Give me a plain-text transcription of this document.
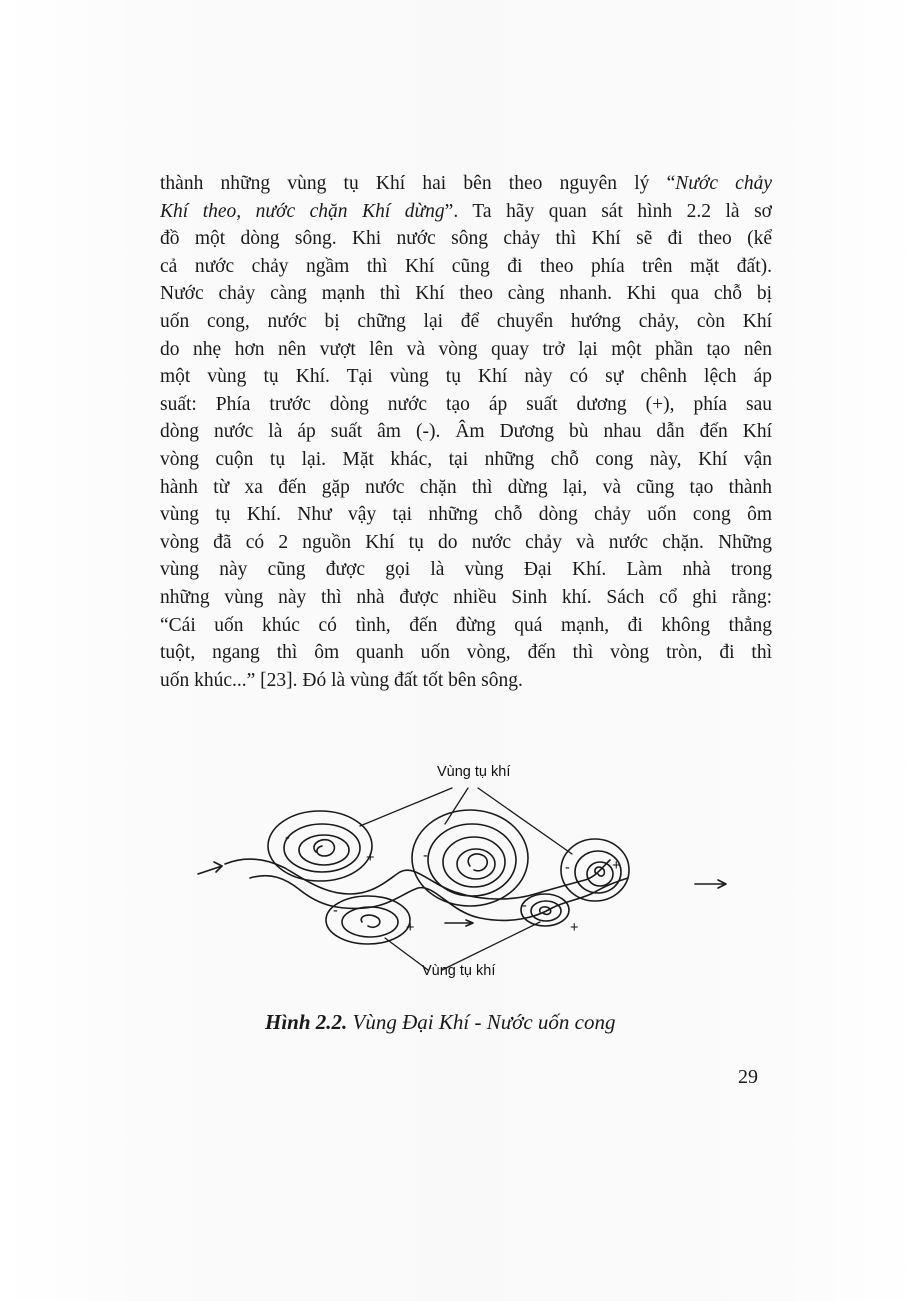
thành những vùng tụ Khí hai bên theo nguyên lý “Nước chảy
Khí theo, nước chặn Khí dừng”. Ta hãy quan sát hình 2.2 là sơ
đồ một dòng sông. Khi nước sông chảy thì Khí sẽ đi theo (kể
cả nước chảy ngầm thì Khí cũng đi theo phía trên mặt đất).
Nước chảy càng mạnh thì Khí theo càng nhanh. Khi qua chỗ bị
uốn cong, nước bị chững lại để chuyển hướng chảy, còn Khí
do nhẹ hơn nên vượt lên và vòng quay trở lại một phần tạo nên
một vùng tụ Khí. Tại vùng tụ Khí này có sự chênh lệch áp
suất: Phía trước dòng nước tạo áp suất dương (+), phía sau
dòng nước là áp suất âm (-). Âm Dương bù nhau dẫn đến Khí
vòng cuộn tụ lại. Mặt khác, tại những chỗ cong này, Khí vận
hành từ xa đến gặp nước chặn thì dừng lại, và cũng tạo thành
vùng tụ Khí. Như vậy tại những chỗ dòng chảy uốn cong ôm
vòng đã có 2 nguồn Khí tụ do nước chảy và nước chặn. Những
vùng này cũng được gọi là vùng Đại Khí. Làm nhà trong
những vùng này thì nhà được nhiều Sinh khí. Sách cổ ghi rằng:
“Cái uốn khúc có tình, đến đừng quá mạnh, đi không thẳng
tuột, ngang thì ôm quanh uốn vòng, đến thì vòng tròn, đi thì
uốn khúc...” [23]. Đó là vùng đất tốt bên sông.
Vùng tụ khí
Vùng tụ khí
-
+	-
-	+
-
+
-
+
Hình 2.2. Vùng Đại Khí - Nước uốn cong
29
